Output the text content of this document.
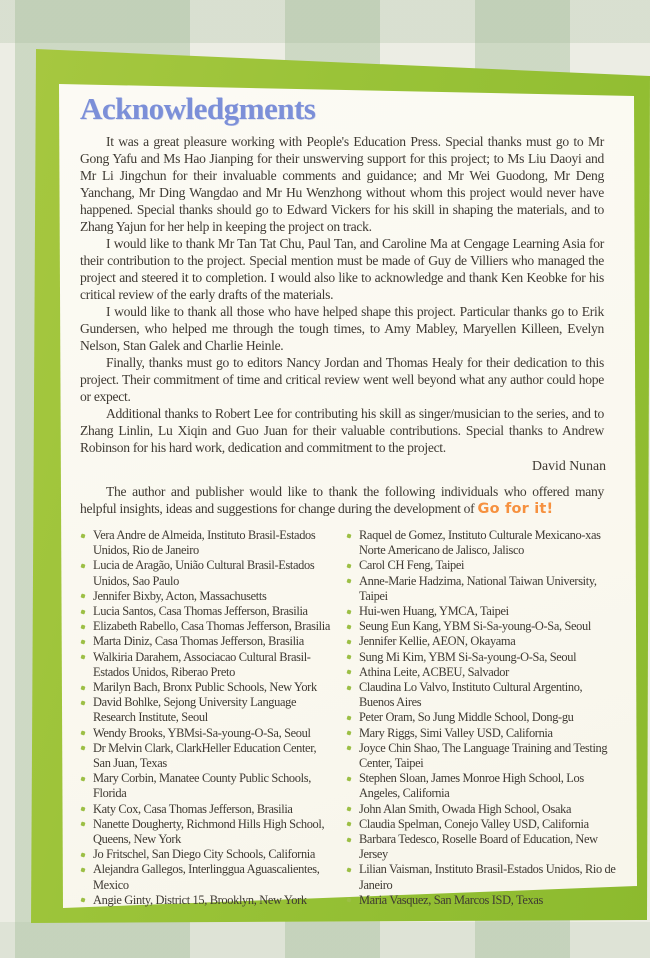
Acknowledgments

It was a great pleasure working with People's Education Press. Special thanks must go to Mr Gong Yafu and Ms Hao Jianping for their unswerving support for this project; to Ms Liu Daoyi and Mr Li Jingchun for their invaluable comments and guidance; and Mr Wei Guodong, Mr Deng Yanchang, Mr Ding Wangdao and Mr Hu Wenzhong without whom this project would never have happened. Special thanks should go to Edward Vickers for his skill in shaping the materials, and to Zhang Yajun for her help in keeping the project on track.

I would like to thank Mr Tan Tat Chu, Paul Tan, and Caroline Ma at Cengage Learning Asia for their contribution to the project. Special mention must be made of Guy de Villiers who managed the project and steered it to completion. I would also like to acknowledge and thank Ken Keobke for his critical review of the early drafts of the materials.

I would like to thank all those who have helped shape this project. Particular thanks go to Erik Gundersen, who helped me through the tough times, to Amy Mabley, Maryellen Killeen, Evelyn Nelson, Stan Galek and Charlie Heinle.

Finally, thanks must go to editors Nancy Jordan and Thomas Healy for their dedication to this project. Their commitment of time and critical review went well beyond what any author could hope or expect.

Additional thanks to Robert Lee for contributing his skill as singer/musician to the series, and to Zhang Linlin, Lu Xiqin and Guo Juan for their valuable contributions. Special thanks to Andrew Robinson for his hard work, dedication and commitment to the project.

David Nunan

The author and publisher would like to thank the following individuals who offered many helpful insights, ideas and suggestions for change during the development of Go for it!

Vera Andre de Almeida, Instituto Brasil-Estados Unidos, Rio de Janeiro
Lucia de Aragão, União Cultural Brasil-Estados Unidos, Sao Paulo
Jennifer Bixby, Acton, Massachusetts
Lucia Santos, Casa Thomas Jefferson, Brasilia
Elizabeth Rabello, Casa Thomas Jefferson, Brasilia
Marta Diniz, Casa Thomas Jefferson, Brasilia
Walkiria Darahem, Associacao Cultural Brasil-Estados Unidos, Riberao Preto
Marilyn Bach, Bronx Public Schools, New York
David Bohlke, Sejong University Language Research Institute, Seoul
Wendy Brooks, YBMsi-Sa-young-O-Sa, Seoul
Dr Melvin Clark, ClarkHeller Education Center, San Juan, Texas
Mary Corbin, Manatee County Public Schools, Florida
Katy Cox, Casa Thomas Jefferson, Brasilia
Nanette Dougherty, Richmond Hills High School, Queens, New York
Jo Fritschel, San Diego City Schools, California
Alejandra Gallegos, Interlinggua Aguascalientes, Mexico
Angie Ginty, District 15, Brooklyn, New York
Raquel de Gomez, Instituto Culturale Mexicano-xas Norte Americano de Jalisco, Jalisco
Carol CH Feng, Taipei
Anne-Marie Hadzima, National Taiwan University, Taipei
Hui-wen Huang, YMCA, Taipei
Seung Eun Kang, YBM Si-Sa-young-O-Sa, Seoul
Jennifer Kellie, AEON, Okayama
Sung Mi Kim, YBM Si-Sa-young-O-Sa, Seoul
Athina Leite, ACBEU, Salvador
Claudina Lo Valvo, Instituto Cultural Argentino, Buenos Aires
Peter Oram, So Jung Middle School, Dong-gu
Mary Riggs, Simi Valley USD, California
Joyce Chin Shao, The Language Training and Testing Center, Taipei
Stephen Sloan, James Monroe High School, Los Angeles, California
John Alan Smith, Owada High School, Osaka
Claudia Spelman, Conejo Valley USD, California
Barbara Tedesco, Roselle Board of Education, New Jersey
Lilian Vaisman, Instituto Brasil-Estados Unidos, Rio de Janeiro
Maria Vasquez, San Marcos ISD, Texas
